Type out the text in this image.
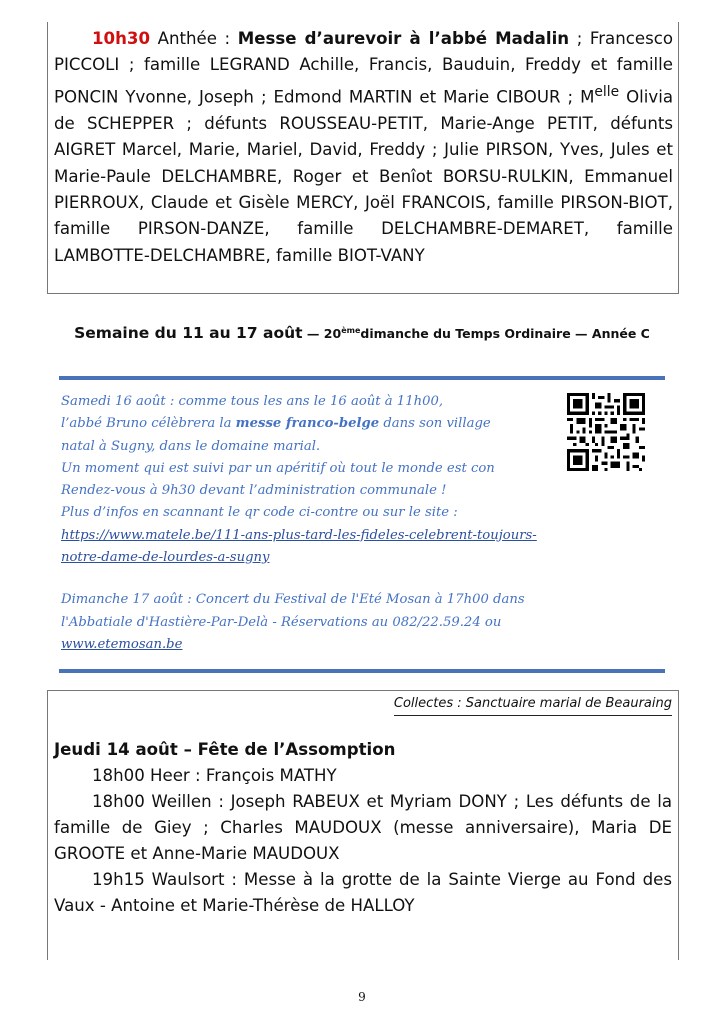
10h30 Anthée : Messe d’aurevoir à l’abbé Madalin ; Francesco PICCOLI ; famille LEGRAND Achille, Francis, Bauduin, Freddy et famille PONCIN Yvonne, Joseph ; Edmond MARTIN et Marie CIBOUR ; $M^{elle}$ Olivia de SCHEPPER ; défunts ROUSSEAU-PETIT, Marie-Ange PETIT, défunts AIGRET Marcel, Marie, Mariel, David, Freddy ; Julie PIRSON, Yves, Jules et Marie-Paule DELCHAMBRE, Roger et Benîot BORSU-RULKIN, Emmanuel PIERROUX, Claude et Gisèle MERCY, Joël FRANCOIS, famille PIRSON-BIOT, famille PIRSON-DANZE, famille DELCHAMBRE-DEMARET, famille LAMBOTTE-DELCHAMBRE, famille BIOT-VANY

Semaine du 11 au 17 août — 20èmedimanche du Temps Ordinaire — Année C
Samedi 16 août : comme tous les ans le 16 août à 11h00,
l’abbé Bruno célèbrera la messe franco-belge dans son village
natal à Sugny, dans le domaine marial.
Un moment qui est suivi par un apéritif où tout le monde est con
Rendez-vous à 9h30 devant l’administration communale !
Plus d’infos en scannant le qr code ci-contre ou sur le site :
https://www.matele.be/111-ans-plus-tard-les-fideles-celebrent-toujours-
notre-dame-de-lourdes-a-sugny
Dimanche 17 août : Concert du Festival de l'Eté Mosan à 17h00 dans
l'Abbatiale d'Hastière-Par-Delà - Réservations au 082/22.59.24 ou
www.etemosan.be
Collectes : Sanctuaire marial de Beauraing
Jeudi 14 août – Fête de l’Assomption

18h00 Heer : François MATHY

18h00 Weillen : Joseph RABEUX et Myriam DONY ; Les défunts de la famille de Giey ; Charles MAUDOUX (messe anniversaire), Maria DE GROOTE et Anne-Marie MAUDOUX

19h15 Waulsort : Messe à la grotte de la Sainte Vierge au Fond des Vaux - Antoine et Marie-Thérèse de HALLOY

9
